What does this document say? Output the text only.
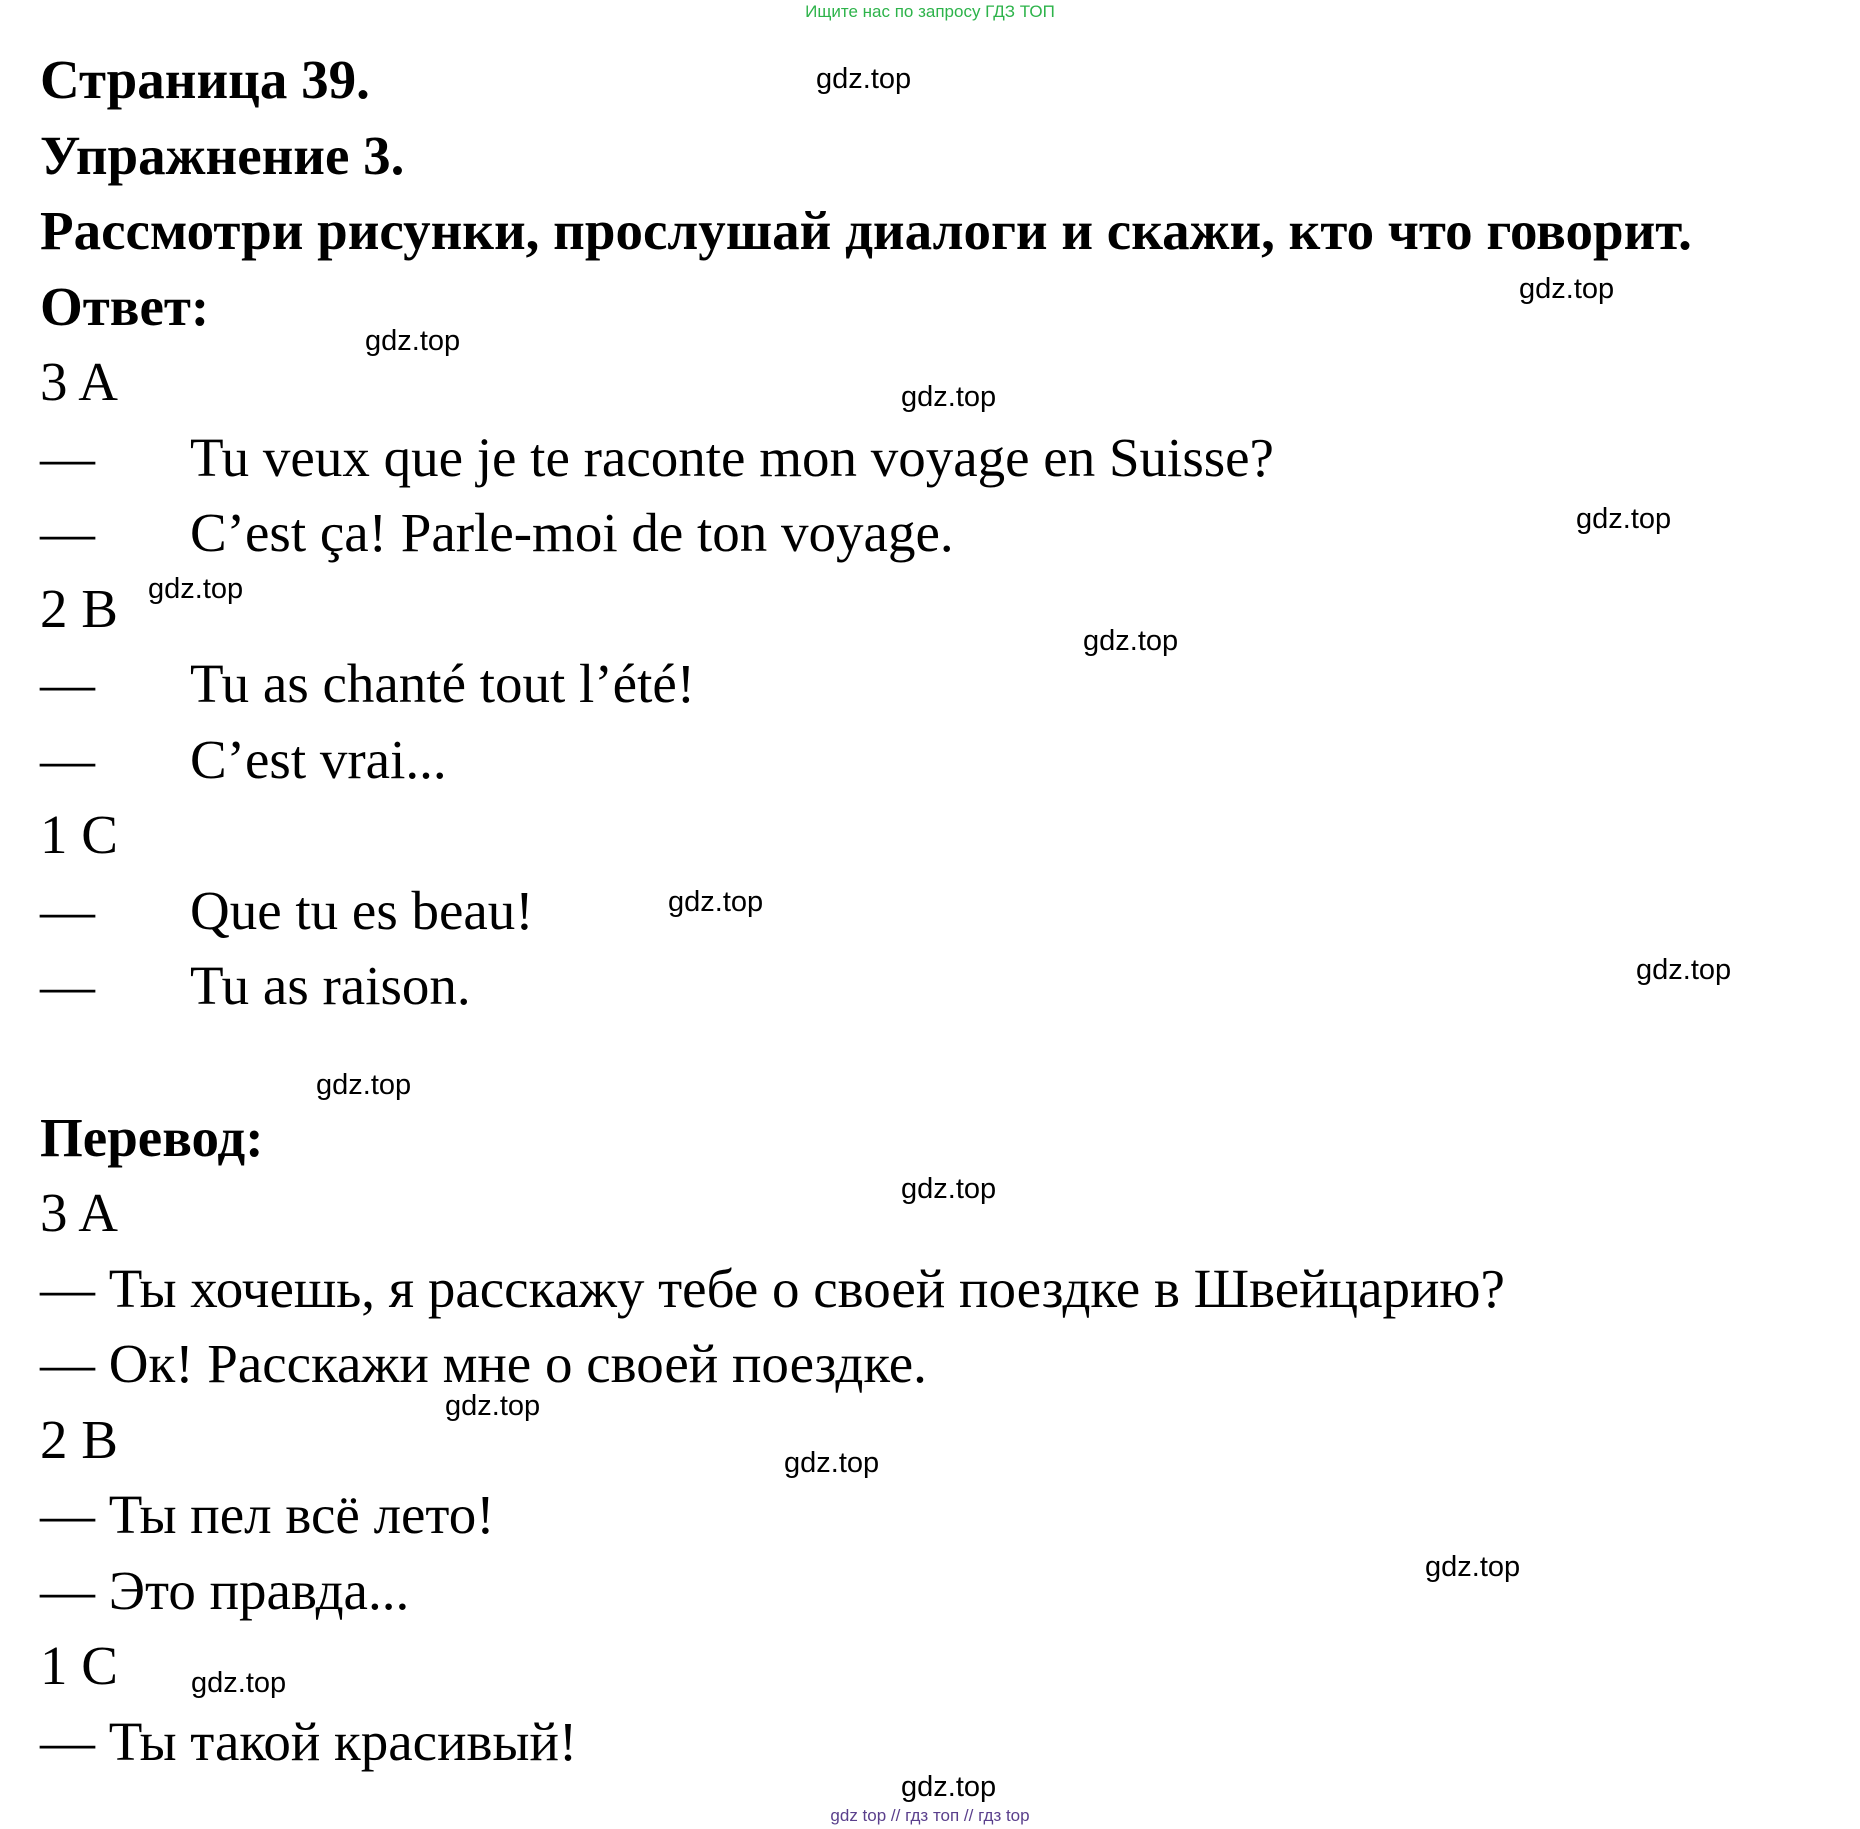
Ищите нас по запросу ГДЗ ТОП
Страница 39.
Упражнение 3.
Рассмотри рисунки, прослушай диалоги и скажи, кто что говорит.
Ответ:
3 A
— Tu veux que je te raconte mon voyage en Suisse?
— C’est ça! Parle-moi de ton voyage.
2 B
— Tu as chanté tout l’été!
— C’est vrai...
1 C
— Que tu es beau!
— Tu as raison.
Перевод:
3 A
— Ты хочешь, я расскажу тебе о своей поездке в Швейцарию?
— Ок! Расскажи мне о своей поездке.
2 B
— Ты пел всё лето!
— Это правда...
1 C
— Ты такой красивый!
gdz.top
gdz.top
gdz.top
gdz.top
gdz.top
gdz.top
gdz.top
gdz.top
gdz.top
gdz.top
gdz.top
gdz.top
gdz.top
gdz.top
gdz.top
gdz.top
gdz top // гдз топ // гдз top
